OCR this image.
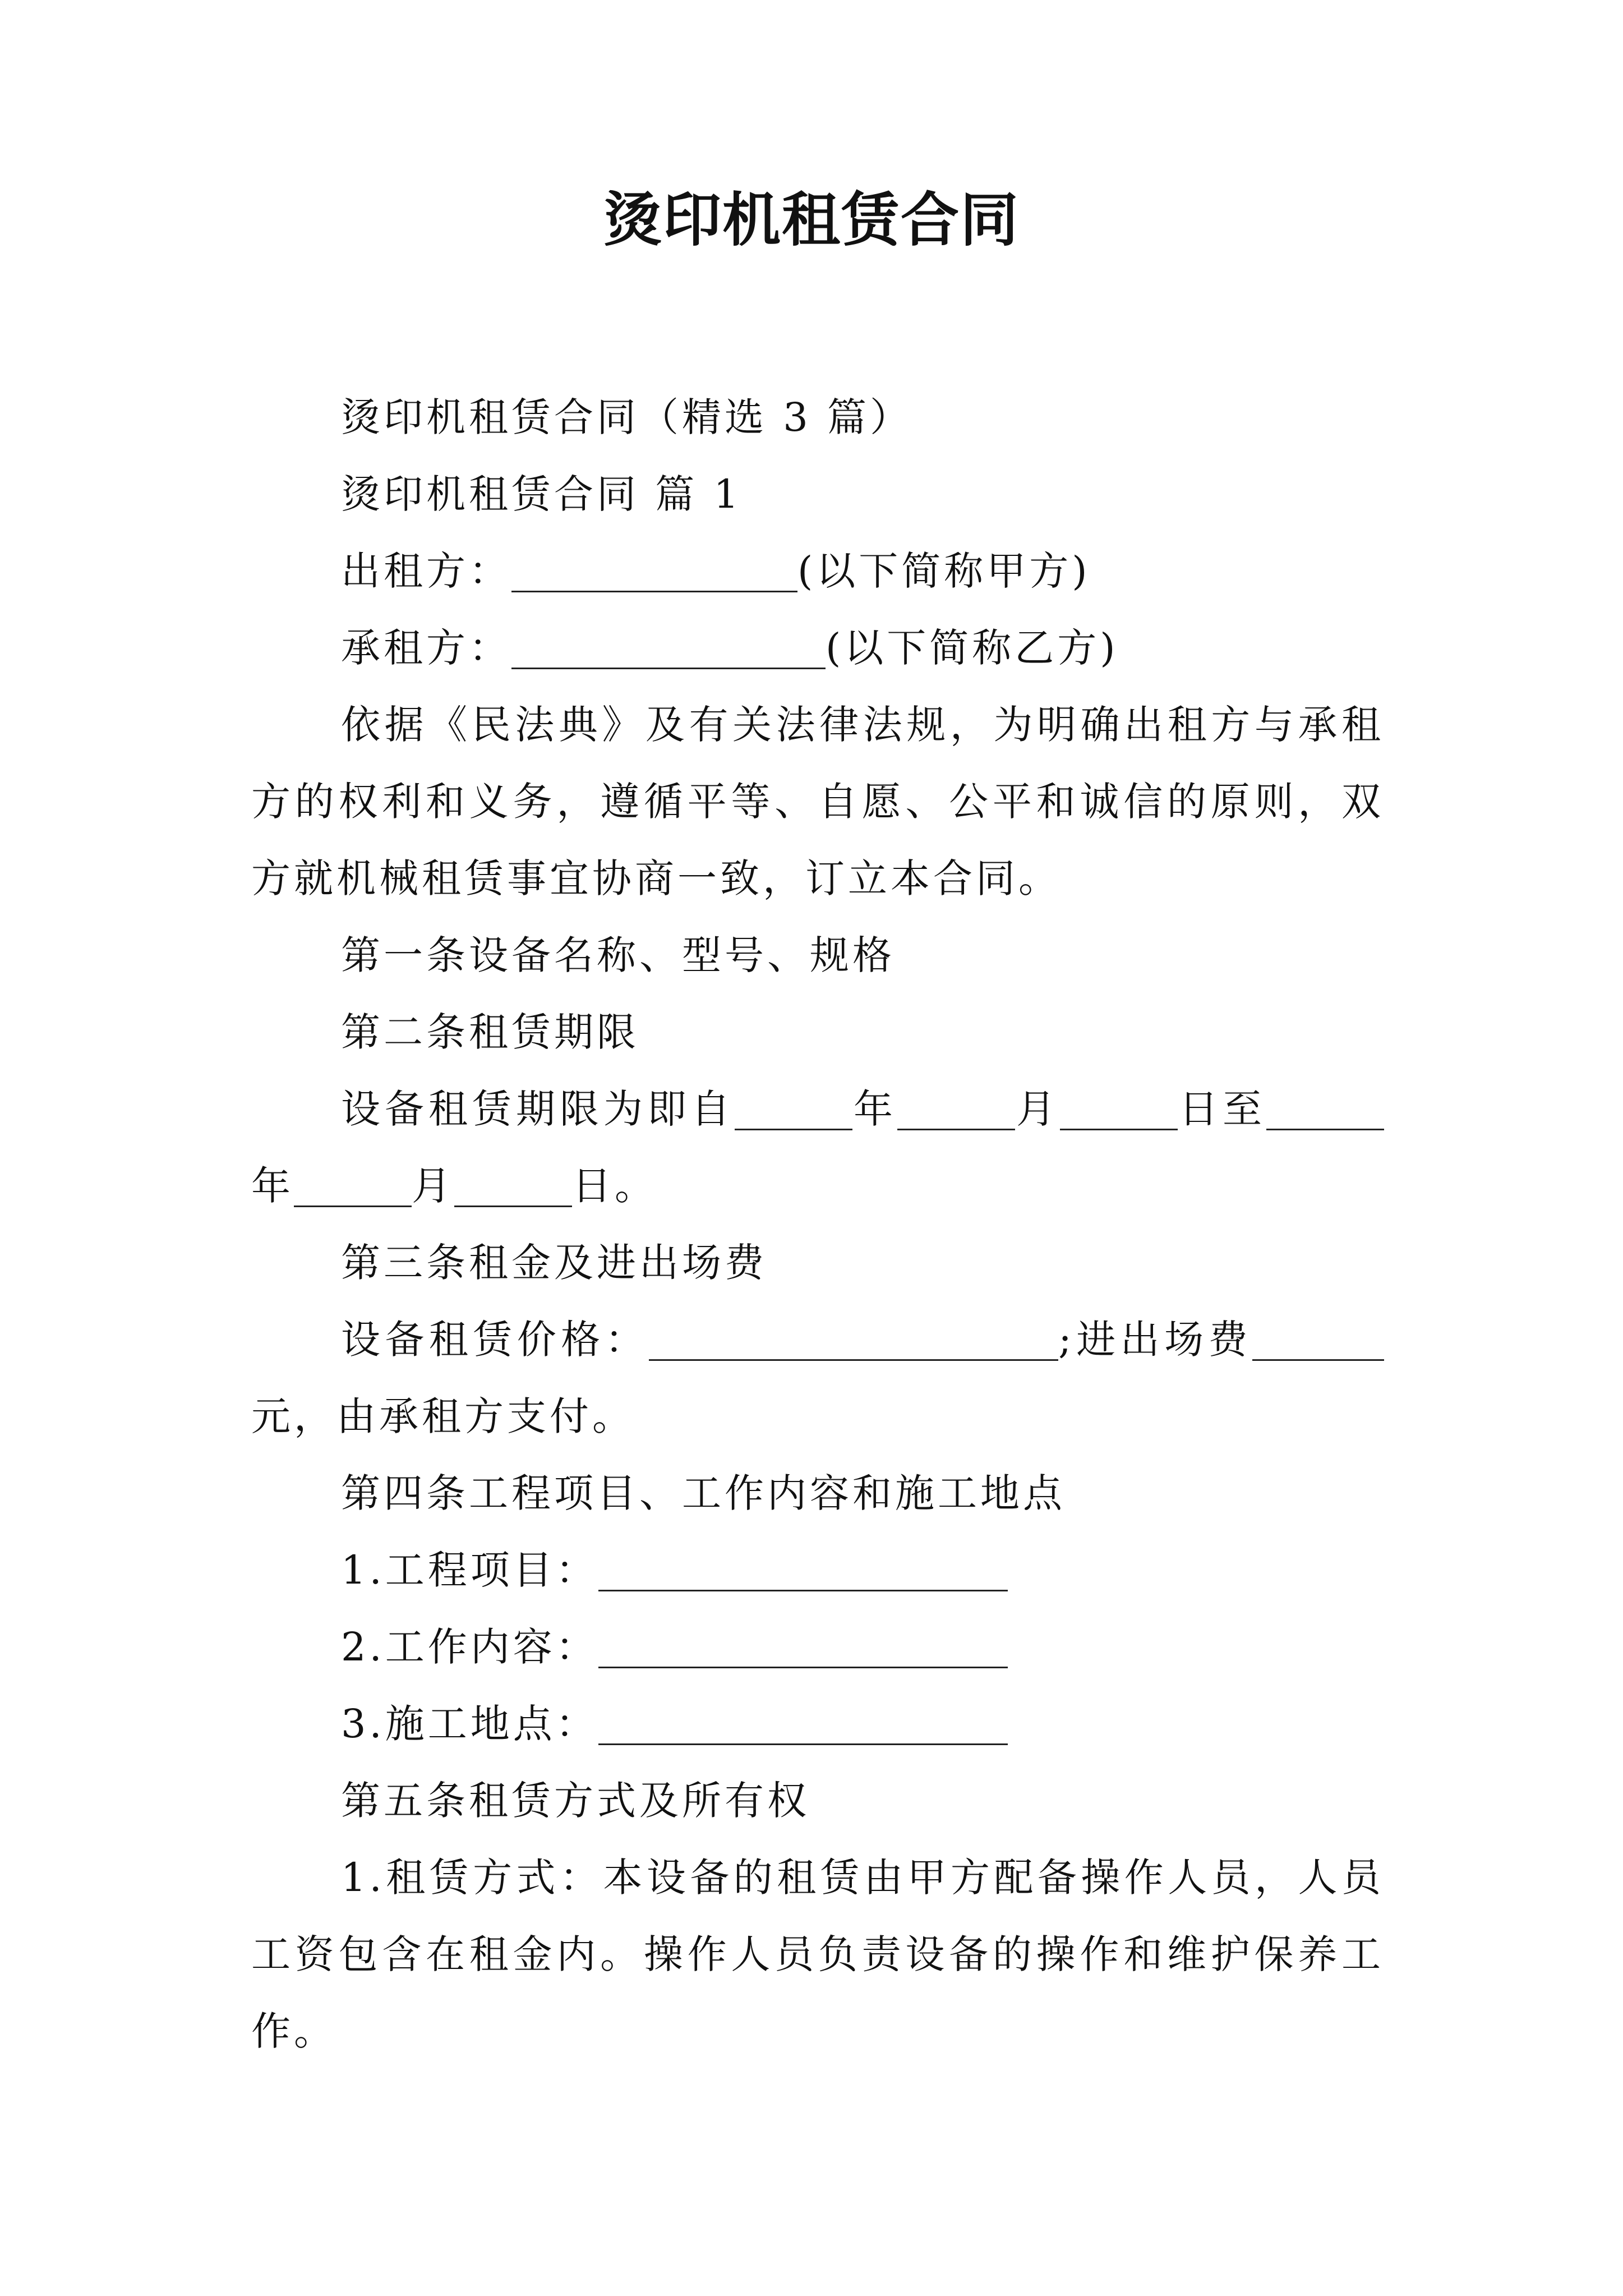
烫印机租赁合同

烫印机租赁合同（精选 3 篇）

烫印机租赁合同 篇 1

出租方：	(以下简称甲方)

承租方：	(以下简称乙方)

依据《民法典》及有关法律法规，为明确出租方与承租方的权利和义务，遵循平等、自愿、公平和诚信的原则，双方就机械租赁事宜协商一致，订立本合同。

第一条设备名称、型号、规格

第二条租赁期限

设备租赁期限为即自	年	月	日至年	月	日。

第三条租金及进出场费

设备租赁价格：	;进出场费元，由承租方支付。

第四条工程项目、工作内容和施工地点

1.工程项目：

2.工作内容：

3.施工地点：

第五条租赁方式及所有权

1.租赁方式：本设备的租赁由甲方配备操作人员，人员工资包含在租金内。操作人员负责设备的操作和维护保养工作。
